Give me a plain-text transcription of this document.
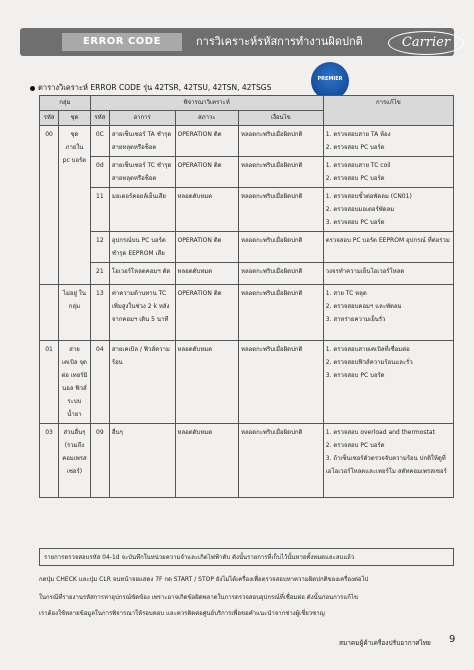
ERROR CODE	การวิเคราะห์รหัสการทำงานผิดปกติ	Carrier
PREMIER
ตารางวิเคราะห์ ERROR CODE รุ่น 42TSR, 42TSU, 42TSN, 42TSGS
กลุ่ม		พิจารณาวิเคราะห์				การแก้ไข
รหัส	ชุด	รหัส	อาการ	สภาวะ	เงื่อนไข	
00	ชุด ภายใน pc บอร์ด	0C	สายเซ็นเซอร์ TA ชำรุด สายหลุดหรือช็อต	OPERATION ติด	หลอดกะพริบเมื่อผิดปกติ	1. ตรวจสอบสาย TA ห้อง
2. ตรวจสอบ PC บอร์ด
		0d	สายเซ็นเซอร์ TC ชำรุด สายหลุดหรือช็อต	OPERATION ติด	หลอดกะพริบเมื่อผิดปกติ	1. ตรวจสอบสาย TC coil
2. ตรวจสอบ PC บอร์ด
		11	มอเตอร์คอยล์เย็นเสีย	หลอดดับหมด	หลอดกะพริบเมื่อผิดปกติ	1. ตรวจสอบขั้วต่อพัดลม (CN01)
2. ตรวจสอบมอเตอร์พัดลม
3. ตรวจสอบ PC บอร์ด
		12	อุปกรณ์บน PC บอร์ด ชำรุด EEPROM เสีย	OPERATION ติด	หลอดกะพริบเมื่อผิดปกติ	ตรวจสอบ PC บอร์ด EEPROM อุปกรณ์ ที่ต่อร่วม
		21	โอเวอร์โหลดคอมฯ ตัด	หลอดดับหมด	หลอดกะพริบเมื่อผิดปกติ	วงจรทำความเย็นโอเวอร์โหลด
	ไม่อยู่ ในกลุ่ม	13	ค่าความต้านทาน TC เพิ่มสูงในช่วง 2 k หลังจากคอมฯ เดิน 5 นาที	OPERATION ติด	หลอดกะพริบเมื่อผิดปกติ	1. สาย TC หลุด
2. ตรวจสอบคอมฯ และพัดลม
3. สาหร่ายความเย็นรั่ว
01	สาย เคเบิล จุดต่อ เทอร์มินอล ฟิวส์ ระบบน้ำยา	04	สายเคเบิล / ฟิวส์ความร้อน	หลอดดับหมด	หลอดกะพริบเมื่อผิดปกติ	1. ตรวจสอบสายเคเบิลที่เชื่อมต่อ
2. ตรวจสอบฟิวส์ความร้อนและรั่ว
3. ตรวจสอบ PC บอร์ด
03	ส่วนอื่นๆ (รวมถึง คอมเพรส เซอร์)	09	อื่นๆ	หลอดดับหมด	หลอดกะพริบเมื่อผิดปกติ	1. ตรวจสอบ overload and thermostat
2. ตรวจสอบ PC บอร์ด
3. ถ้าเซ็นเซอร์ตัวตรวจจับความร้อน ปกติให้ดูที่เอโอเวอร์โหลดและเทอร์โม สตัทคอมเพรสเซอร์
รายการตรวจสอบรหัส 04-1d จะบันทึกในหน่วยความจำและเกิดไฟฟ้าดับ ดังนั้นรายการที่เก็บไว้นั้นหายทั้งหมดและลบแล้ว
กดปุ่ม CHECK และปุ่ม CLR จนหน้าจอแสดง 7F กด START / STOP ยังไม่ได้เครื่องเพื่อตรวจสอบหาความผิดปกติของเครื่องต่อไป
ในกรณีที่รายงานรหัสการหาอุปกรณ์ขัดข้อง เพราะอาจเกิดข้อผิดพลาดในการตรวจสอบอุปกรณ์ที่เชื่อมต่อ ดังนั้นก่อนการแก้ไข
เราต้องใช้หลายข้อมูลในการพิจารณาให้รอบคอบ และควรติดต่อศูนย์บริการเพื่อขอคำแนะนำจากช่างผู้เชี่ยวชาญ
สมาคมผู้ค้าเครื่องปรับอากาศไทย 9
